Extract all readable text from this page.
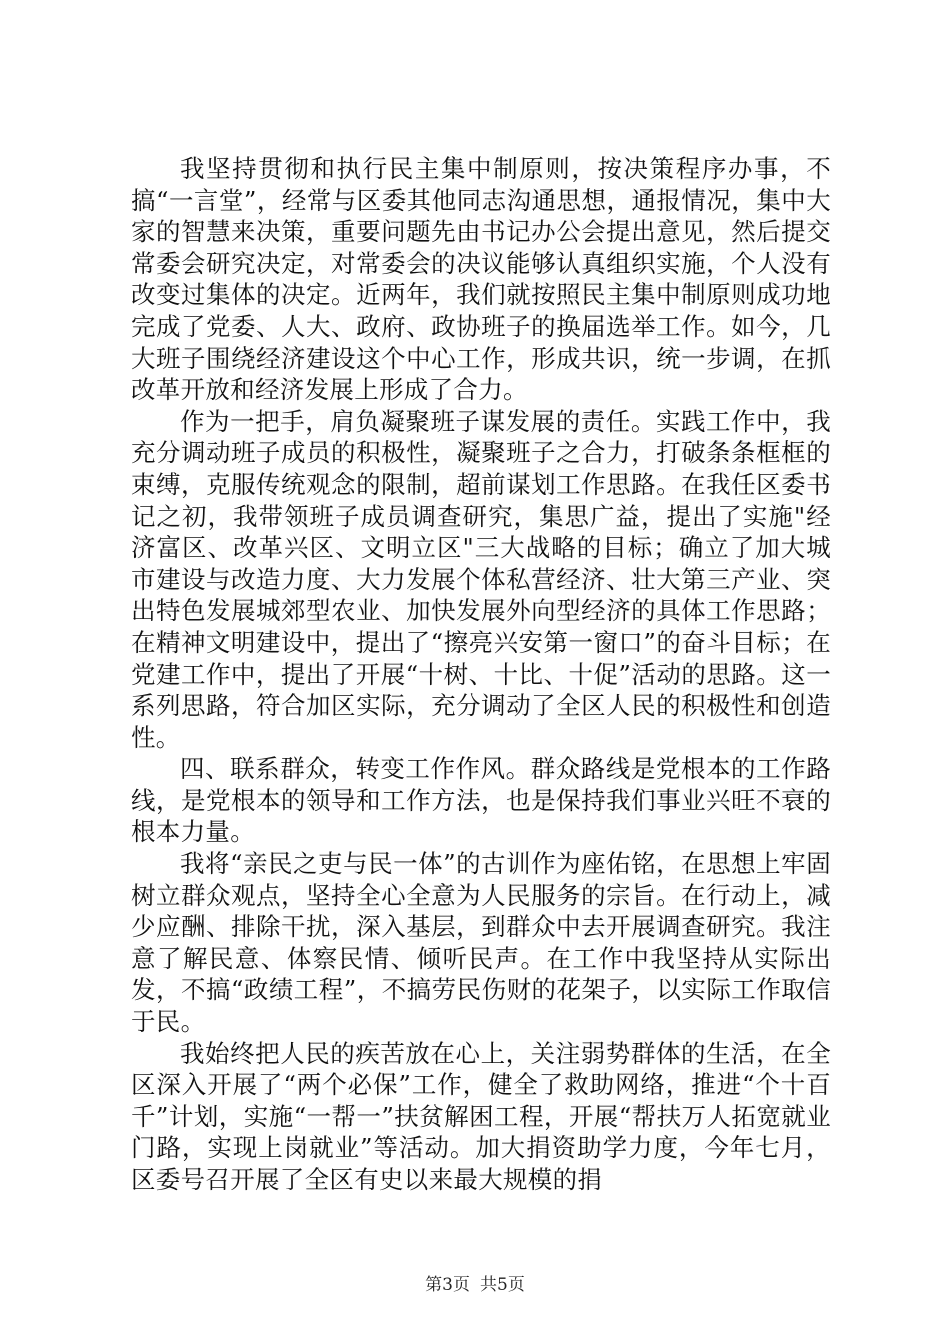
我坚持贯彻和执行民主集中制原则，按决策程序办事，不搞“一言堂”，经常与区委其他同志沟通思想，通报情况，集中大家的智慧来决策，重要问题先由书记办公会提出意见，然后提交常委会研究决定，对常委会的决议能够认真组织实施，个人没有改变过集体的决定。近两年，我们就按照民主集中制原则成功地完成了党委、人大、政府、政协班子的换届选举工作。如今，几大班子围绕经济建设这个中心工作，形成共识，统一步调，在抓改革开放和经济发展上形成了合力。

作为一把手，肩负凝聚班子谋发展的责任。实践工作中，我充分调动班子成员的积极性，凝聚班子之合力，打破条条框框的束缚，克服传统观念的限制，超前谋划工作思路。在我任区委书记之初，我带领班子成员调查研究，集思广益，提出了实施"经济富区、改革兴区、文明立区"三大战略的目标；确立了加大城市建设与改造力度、大力发展个体私营经济、壮大第三产业、突出特色发展城郊型农业、加快发展外向型经济的具体工作思路；在精神文明建设中，提出了“擦亮兴安第一窗口”的奋斗目标；在党建工作中，提出了开展“十树、十比、十促”活动的思路。这一系列思路，符合加区实际，充分调动了全区人民的积极性和创造性。

四、联系群众，转变工作作风。群众路线是党根本的工作路线，是党根本的领导和工作方法，也是保持我们事业兴旺不衰的根本力量。

我将“亲民之吏与民一体”的古训作为座佑铭，在思想上牢固树立群众观点，坚持全心全意为人民服务的宗旨。在行动上，减少应酬、排除干扰，深入基层，到群众中去开展调查研究。我注意了解民意、体察民情、倾听民声。在工作中我坚持从实际出发，不搞“政绩工程”，不搞劳民伤财的花架子，以实际工作取信于民。

我始终把人民的疾苦放在心上，关注弱势群体的生活，在全区深入开展了“两个必保”工作，健全了救助网络，推进“个十百千”计划，实施“一帮一”扶贫解困工程，开展“帮扶万人拓宽就业门路，实现上岗就业”等活动。加大捐资助学力度，今年七月，区委号召开展了全区有史以来最大规模的捐

第3页 共5页
